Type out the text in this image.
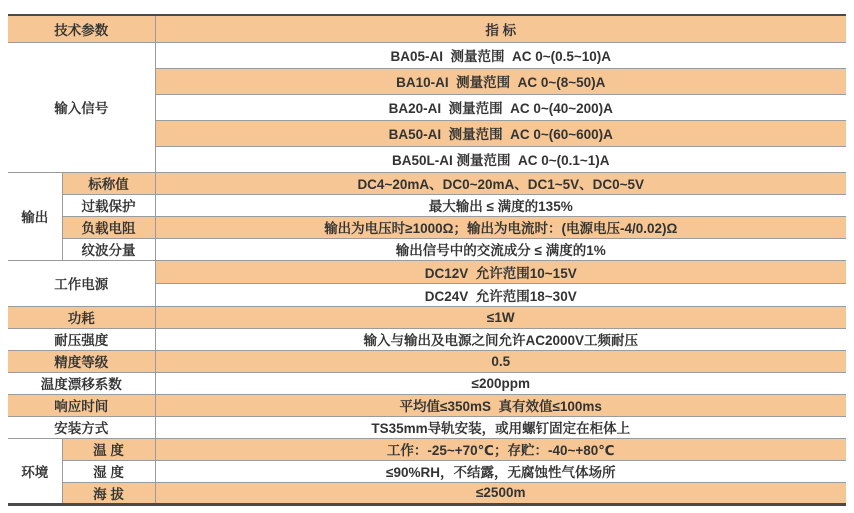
技术参数		指 标
输入信号		BA05-AI  测量范围  AC 0~(0.5~10)A
		BA10-AI  测量范围  AC 0~(8~50)A
		BA20-AI  测量范围  AC 0~(40~200)A
		BA50-AI  测量范围  AC 0~(60~600)A
		BA50L-AI 测量范围  AC 0~(0.1~1)A
输出	标称值	DC4~20mA、DC0~20mA、DC1~5V、DC0~5V
	过载保护	最大输出 ≤ 满度的135%
	负载电阻	输出为电压时≥1000Ω；输出为电流时：(电源电压-4/0.02)Ω
	纹波分量	输出信号中的交流成分 ≤ 满度的1%
工作电源		DC12V  允许范围10~15V
		DC24V  允许范围18~30V
功耗		≤1W
耐压强度		输入与输出及电源之间允许AC2000V工频耐压
精度等级		0.5
温度漂移系数		≤200ppm
响应时间		平均值≤350mS  真有效值≤100ms
安装方式		TS35mm导轨安装，或用螺钉固定在柜体上
环境	温 度	工作：-25~+70℃；存贮：-40~+80℃
	湿 度	≤90%RH，不结露，无腐蚀性气体场所
	海 拔	≤2500m
